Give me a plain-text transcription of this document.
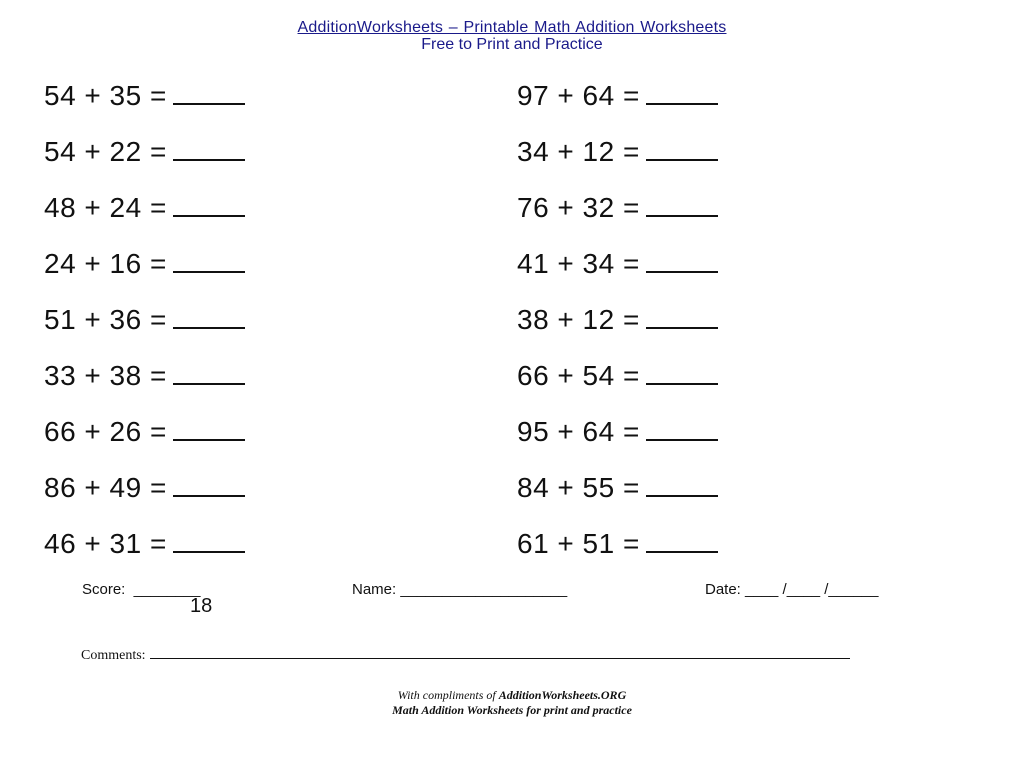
AdditionWorksheets – Printable Math Addition Worksheets
Free to Print and Practice
54 + 35 =
54 + 22 =
48 + 24 =
24 + 16 =
51 + 36 =
33 + 38 =
66 + 26 =
86 + 49 =
46 + 31 =
97 + 64 =
34 + 12 =
76 + 32 =
41 + 34 =
38 + 12 =
66 + 54 =
95 + 64 =
84 + 55 =
61 + 51 =
Score:  ________
18
Name: ____________________	Date: ____ /____ /______
Comments:
With compliments of AdditionWorksheets.ORG
Math Addition Worksheets for print and practice
